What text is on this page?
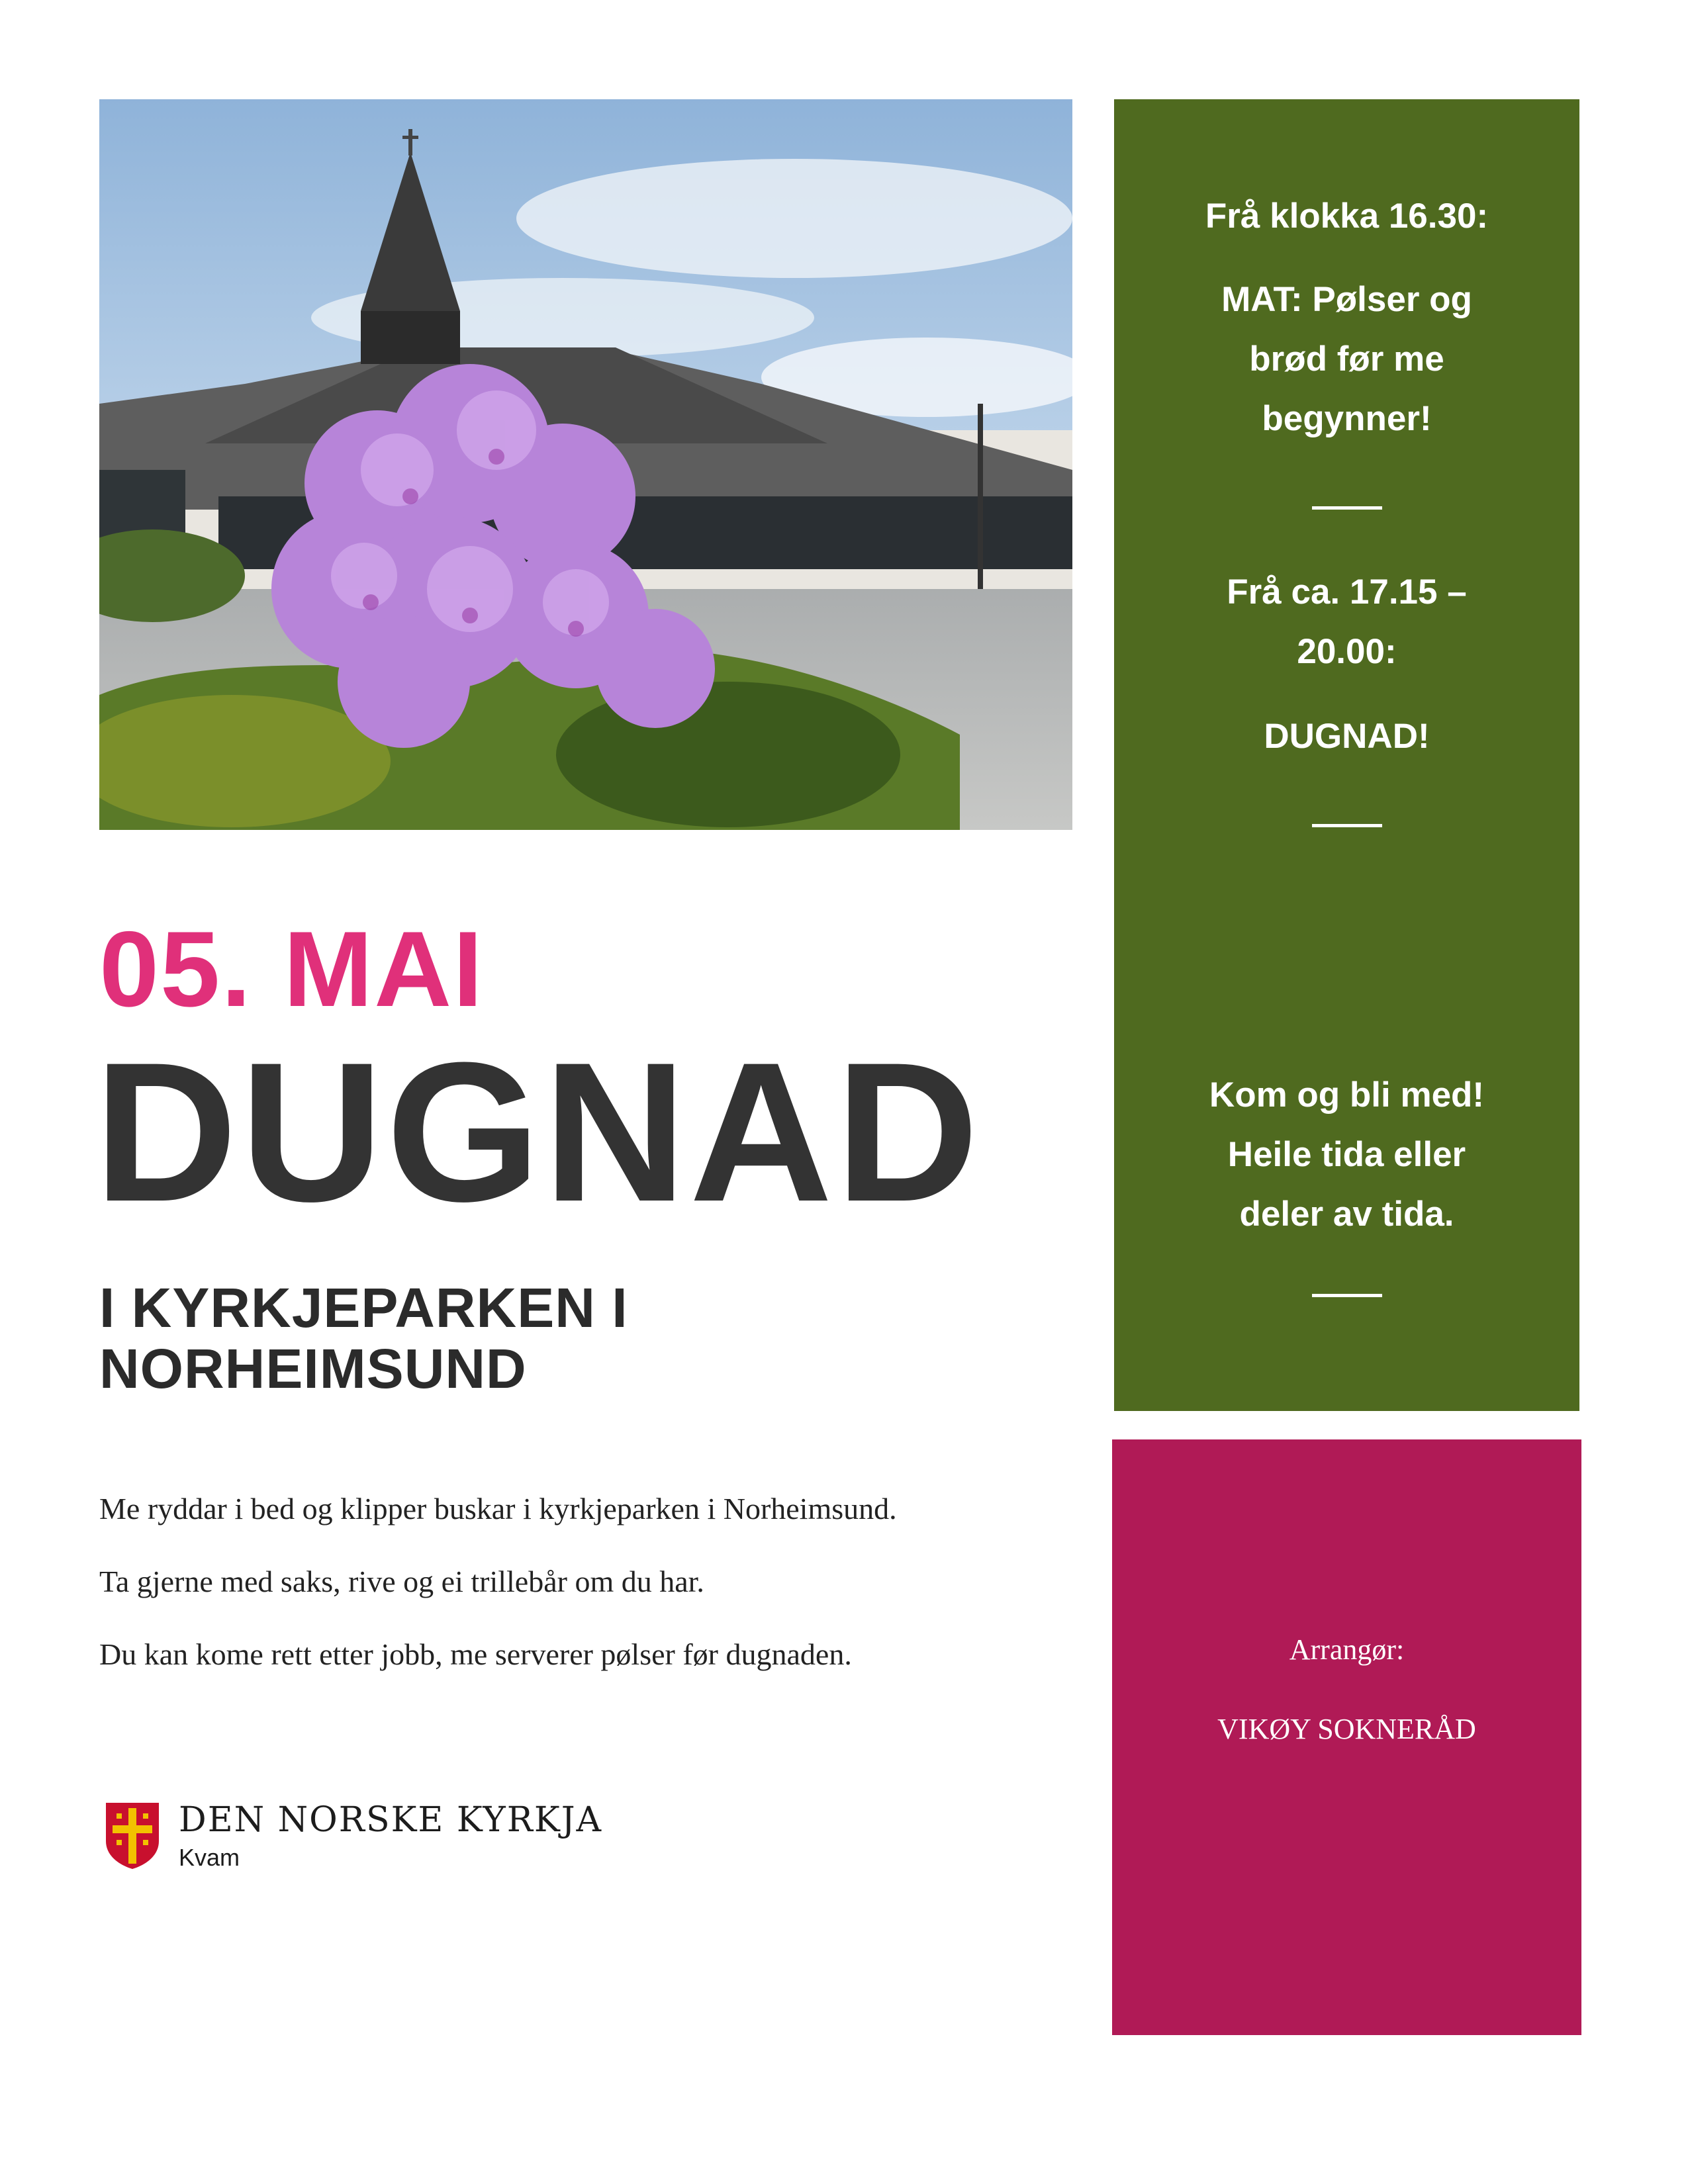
Frå klokka 16.30:
MAT: Pølser og
brød før me
begynner!
Frå ca. 17.15 –
20.00:
DUGNAD!
Kom og bli med!
Heile tida eller
deler av tida.
Arrangør:
VIKØY SOKNERÅD
05. MAI
DUGNAD
I KYRKJEPARKEN I
NORHEIMSUND
Me ryddar i bed og klipper buskar i kyrkjeparken i Norheimsund.
Ta gjerne med saks, rive og ei trillebår om du har.
Du kan kome rett etter jobb, me serverer pølser før dugnaden.
DEN NORSKE KYRKJA
Kvam
